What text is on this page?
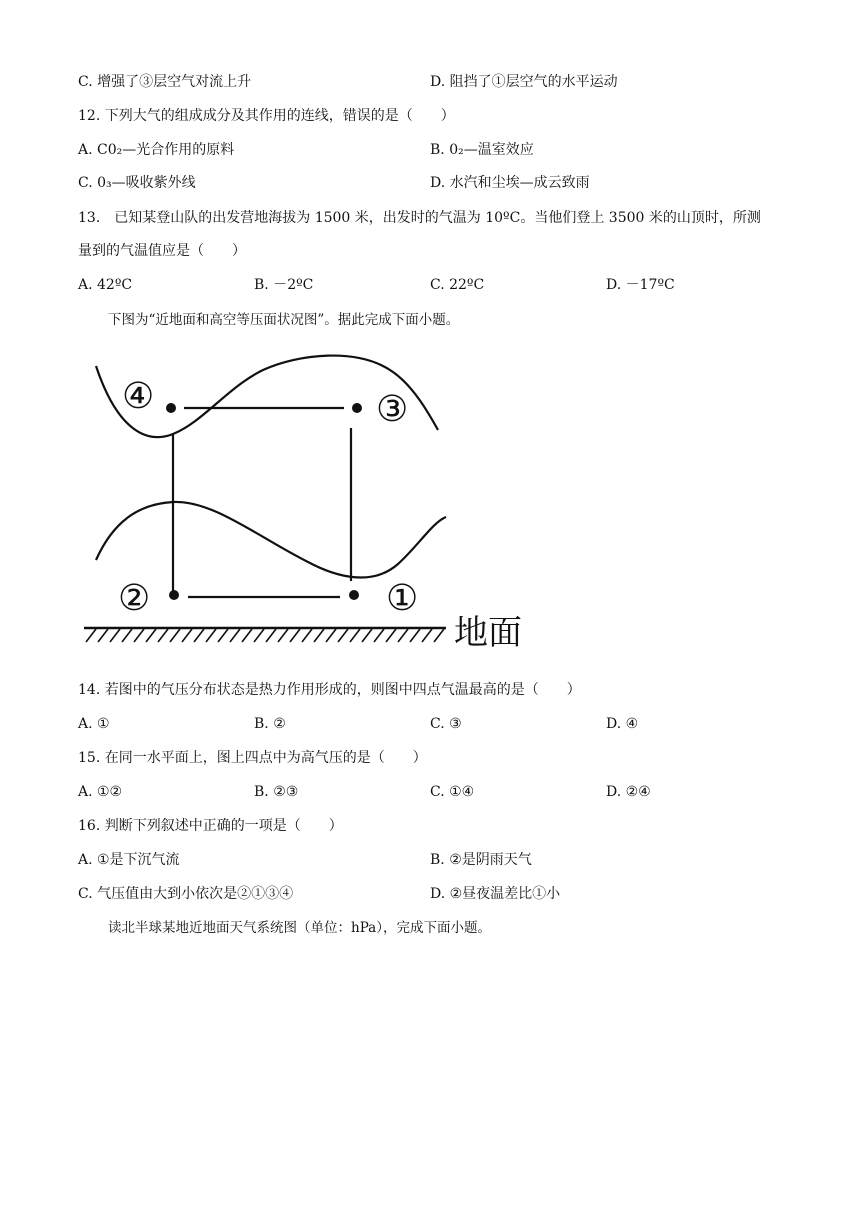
C. 增强了③层空气对流上升	D. 阻挡了①层空气的水平运动
12. 下列大气的组成成分及其作用的连线，错误的是（　　）
A. C0₂—光合作用的原料	B. 0₂—温室效应
C. 0₃—吸收紫外线	D. 水汽和尘埃—成云致雨
13.　已知某登山队的出发营地海拔为 1500 米，出发时的气温为 10ºC。当他们登上 3500 米的山顶时，所测
量到的气温值应是（　　）
A. 42ºC	B. －2ºC	C. 22ºC	D. －17ºC
下图为“近地面和高空等压面状况图”。据此完成下面小题。
④	③
②	①
地面
14. 若图中的气压分布状态是热力作用形成的，则图中四点气温最高的是（　　）
A. ①	B. ②	C. ③	D. ④
15. 在同一水平面上，图上四点中为高气压的是（　　）
A. ①②	B. ②③	C. ①④	D. ②④
16. 判断下列叙述中正确的一项是（　　）
A. ①是下沉气流	B. ②是阴雨天气
C. 气压值由大到小依次是②①③④	D. ②昼夜温差比①小
读北半球某地近地面天气系统图（单位：hPa），完成下面小题。
